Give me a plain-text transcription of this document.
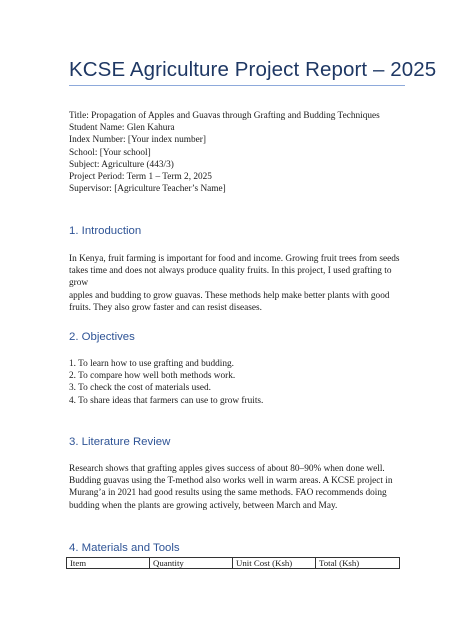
KCSE Agriculture Project Report – 2025
Title: Propagation of Apples and Guavas through Grafting and Budding Techniques
Student Name: Glen Kahura
Index Number: [Your index number]
School: [Your school]
Subject: Agriculture (443/3)
Project Period: Term 1 – Term 2, 2025
Supervisor: [Agriculture Teacher’s Name]
1. Introduction
In Kenya, fruit farming is important for food and income. Growing fruit trees from seeds
takes time and does not always produce quality fruits. In this project, I used grafting to grow
apples and budding to grow guavas. These methods help make better plants with good
fruits. They also grow faster and can resist diseases.
2. Objectives
1. To learn how to use grafting and budding.
2. To compare how well both methods work.
3. To check the cost of materials used.
4. To share ideas that farmers can use to grow fruits.
3. Literature Review
Research shows that grafting apples gives success of about 80–90% when done well.
Budding guavas using the T-method also works well in warm areas. A KCSE project in
Murang’a in 2021 had good results using the same methods. FAO recommends doing
budding when the plants are growing actively, between March and May.
4. Materials and Tools
Item	Quantity	Unit Cost (Ksh)	Total (Ksh)
